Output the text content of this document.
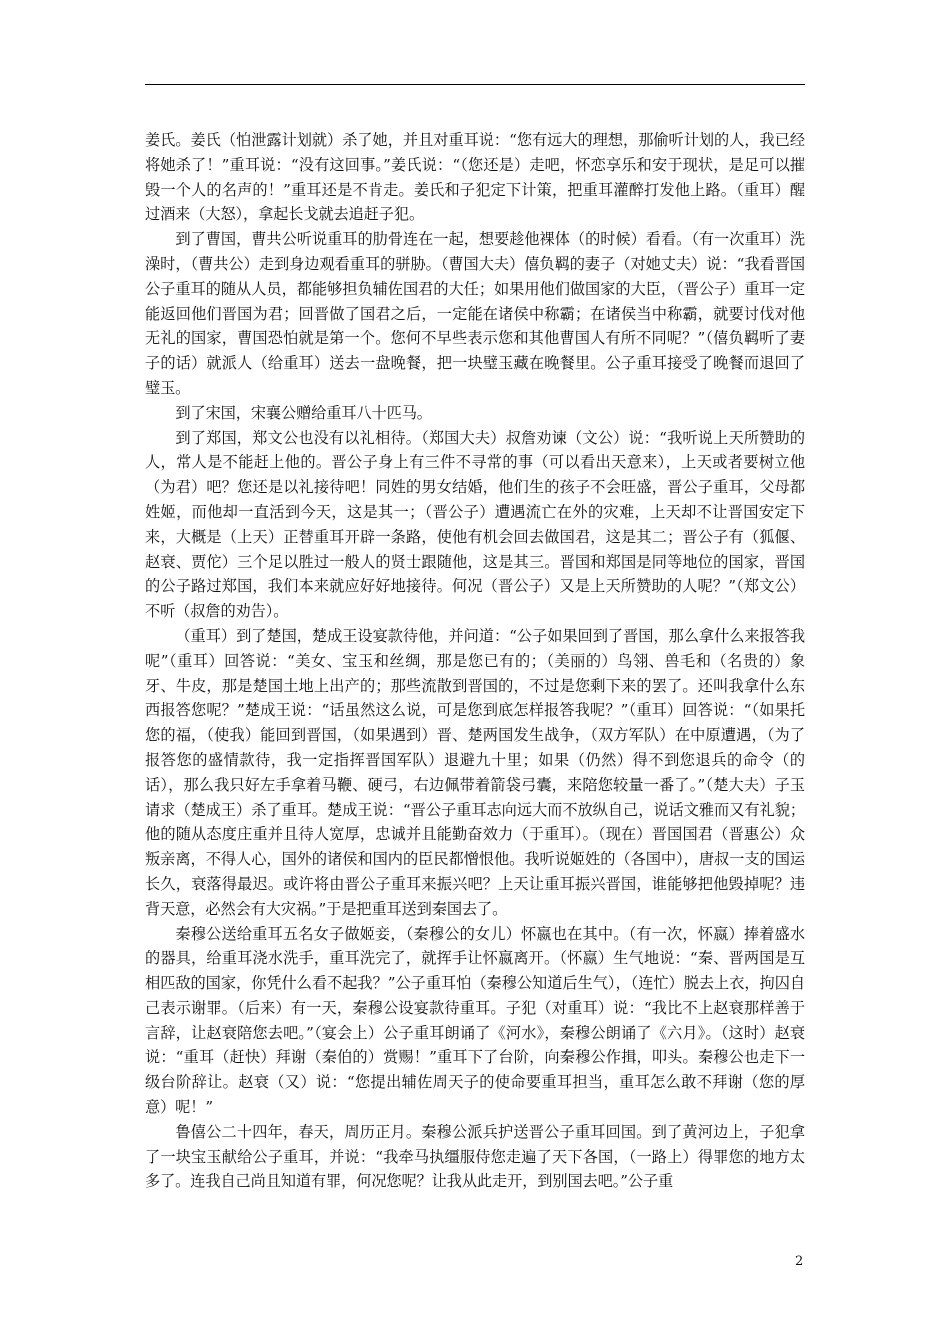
姜氏。姜氏（怕泄露计划就）杀了她，并且对重耳说：“您有远大的理想，那偷听计划的人，我已经将她杀了！”重耳说：“没有这回事。”姜氏说：“（您还是）走吧，怀恋享乐和安于现状，是足可以摧毁一个人的名声的！”重耳还是不肯走。姜氏和子犯定下计策，把重耳灌醉打发他上路。（重耳）醒过酒来（大怒），拿起长戈就去追赶子犯。

到了曹国，曹共公听说重耳的肋骨连在一起，想要趁他裸体（的时候）看看。（有一次重耳）洗澡时，（曹共公）走到身边观看重耳的骈胁。（曹国大夫）僖负羁的妻子（对她丈夫）说：“我看晋国公子重耳的随从人员，都能够担负辅佐国君的大任；如果用他们做国家的大臣，（晋公子）重耳一定能返回他们晋国为君；回晋做了国君之后，一定能在诸侯中称霸；在诸侯当中称霸，就要讨伐对他无礼的国家，曹国恐怕就是第一个。您何不早些表示您和其他曹国人有所不同呢？”（僖负羁听了妻子的话）就派人（给重耳）送去一盘晚餐，把一块璧玉藏在晚餐里。公子重耳接受了晚餐而退回了璧玉。

到了宋国，宋襄公赠给重耳八十匹马。

到了郑国，郑文公也没有以礼相待。（郑国大夫）叔詹劝谏（文公）说：“我听说上天所赞助的人，常人是不能赶上他的。晋公子身上有三件不寻常的事（可以看出天意来），上天或者要树立他（为君）吧？您还是以礼接待吧！同姓的男女结婚，他们生的孩子不会旺盛，晋公子重耳，父母都姓姬，而他却一直活到今天，这是其一；（晋公子）遭遇流亡在外的灾难，上天却不让晋国安定下来，大概是（上天）正替重耳开辟一条路，使他有机会回去做国君，这是其二；晋公子有（狐偃、赵衰、贾佗）三个足以胜过一般人的贤士跟随他，这是其三。晋国和郑国是同等地位的国家，晋国的公子路过郑国，我们本来就应好好地接待。何况（晋公子）又是上天所赞助的人呢？”（郑文公）不听（叔詹的劝告）。

（重耳）到了楚国，楚成王设宴款待他，并问道：“公子如果回到了晋国，那么拿什么来报答我呢”（重耳）回答说：“美女、宝玉和丝绸，那是您已有的；（美丽的）鸟翎、兽毛和（名贵的）象牙、牛皮，那是楚国土地上出产的；那些流散到晋国的，不过是您剩下来的罢了。还叫我拿什么东西报答您呢？”楚成王说：“话虽然这么说，可是您到底怎样报答我呢？”（重耳）回答说：“（如果托您的福，（使我）能回到晋国，（如果遇到）晋、楚两国发生战争，（双方军队）在中原遭遇，（为了报答您的盛情款待，我一定指挥晋国军队）退避九十里；如果（仍然）得不到您退兵的命令（的话），那么我只好左手拿着马鞭、硬弓，右边佩带着箭袋弓囊，来陪您较量一番了。”（楚大夫）子玉请求（楚成王）杀了重耳。楚成王说：“晋公子重耳志向远大而不放纵自己，说话文雅而又有礼貌；他的随从态度庄重并且待人宽厚，忠诚并且能勤奋效力（于重耳）。（现在）晋国国君（晋惠公）众叛亲离，不得人心，国外的诸侯和国内的臣民都憎恨他。我听说姬姓的（各国中），唐叔一支的国运长久，衰落得最迟。或许将由晋公子重耳来振兴吧？上天让重耳振兴晋国，谁能够把他毁掉呢？违背天意，必然会有大灾祸。”于是把重耳送到秦国去了。

秦穆公送给重耳五名女子做姬妾，（秦穆公的女儿）怀嬴也在其中。（有一次，怀嬴）捧着盛水的器具，给重耳浇水洗手，重耳洗完了，就挥手让怀嬴离开。（怀嬴）生气地说：“秦、晋两国是互相匹敌的国家，你凭什么看不起我？”公子重耳怕（秦穆公知道后生气），（连忙）脱去上衣，拘囚自己表示谢罪。（后来）有一天，秦穆公设宴款待重耳。子犯（对重耳）说：“我比不上赵衰那样善于言辞，让赵衰陪您去吧。”（宴会上）公子重耳朗诵了《河水》，秦穆公朗诵了《六月》。（这时）赵衰说：“重耳（赶快）拜谢（秦伯的）赏赐！”重耳下了台阶，向秦穆公作揖，叩头。秦穆公也走下一级台阶辞让。赵衰（又）说：“您提出辅佐周天子的使命要重耳担当，重耳怎么敢不拜谢（您的厚意）呢！”

鲁僖公二十四年，春天，周历正月。秦穆公派兵护送晋公子重耳回国。到了黄河边上，子犯拿了一块宝玉献给公子重耳，并说：“我牵马执缰服侍您走遍了天下各国，（一路上）得罪您的地方太多了。连我自己尚且知道有罪，何况您呢？让我从此走开，到别国去吧。”公子重

2
